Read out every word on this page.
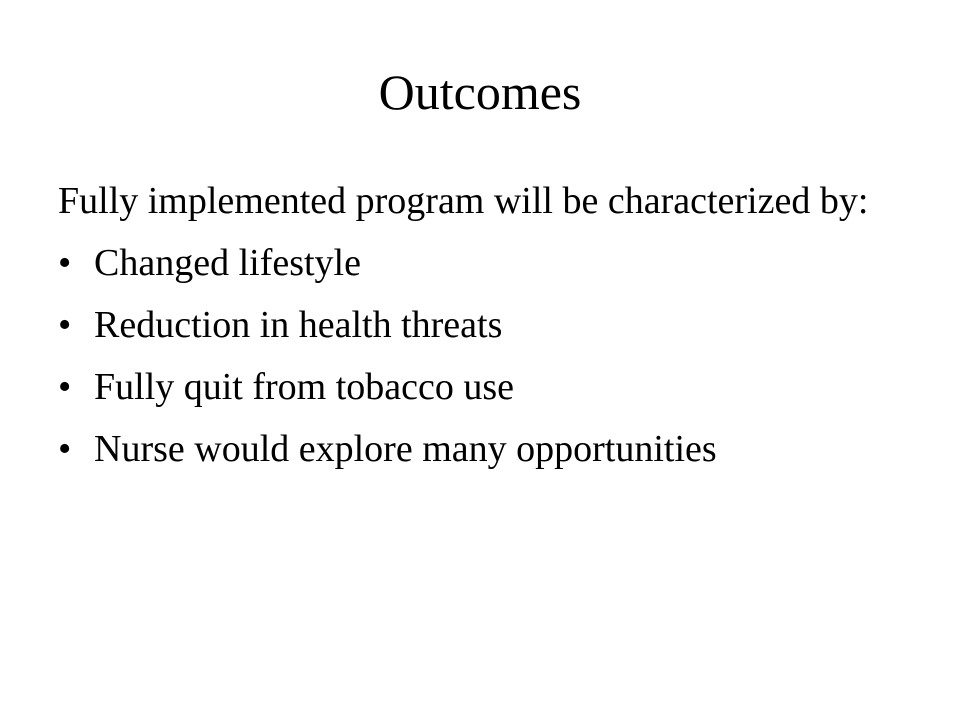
Outcomes

Fully implemented program will be characterized by:

• Changed lifestyle
• Reduction in health threats
• Fully quit from tobacco use
• Nurse would explore many opportunities
